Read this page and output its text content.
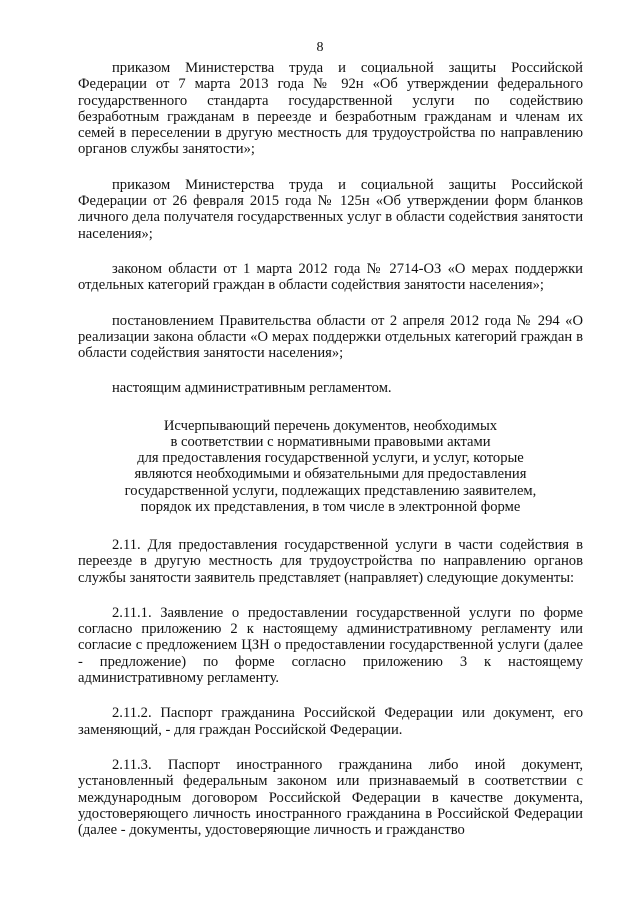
8

приказом Министерства труда и социальной защиты Российской Федерации от 7 марта 2013 года № 92н «Об утверждении федерального государственного стандарта государственной услуги по содействию безработным гражданам в переезде и безработным гражданам и членам их семей в переселении в другую местность для трудоустройства по направлению органов службы занятости»;

приказом Министерства труда и социальной защиты Российской Федерации от 26 февраля 2015 года № 125н «Об утверждении форм бланков личного дела получателя государственных услуг в области содействия занятости населения»;

законом области от 1 марта 2012 года № 2714-ОЗ «О мерах поддержки отдельных категорий граждан в области содействия занятости населения»;

постановлением Правительства области от 2 апреля 2012 года № 294 «О реализации закона области «О мерах поддержки отдельных категорий граждан в области содействия занятости населения»;

настоящим административным регламентом.

Исчерпывающий перечень документов, необходимых
в соответствии с нормативными правовыми актами
для предоставления государственной услуги, и услуг, которые
являются необходимыми и обязательными для предоставления
государственной услуги, подлежащих представлению заявителем,
порядок их представления, в том числе в электронной форме

2.11. Для предоставления государственной услуги в части содействия в переезде в другую местность для трудоустройства по направлению органов службы занятости заявитель представляет (направляет) следующие документы:

2.11.1. Заявление о предоставлении государственной услуги по форме согласно приложению 2 к настоящему административному регламенту или согласие с предложением ЦЗН о предоставлении государственной услуги (далее - предложение) по форме согласно приложению 3 к настоящему административному регламенту.

2.11.2. Паспорт гражданина Российской Федерации или документ, его заменяющий, - для граждан Российской Федерации.

2.11.3. Паспорт иностранного гражданина либо иной документ, установленный федеральным законом или признаваемый в соответствии с международным договором Российской Федерации в качестве документа, удостоверяющего личность иностранного гражданина в Российской Федерации (далее - документы, удостоверяющие личность и гражданство
